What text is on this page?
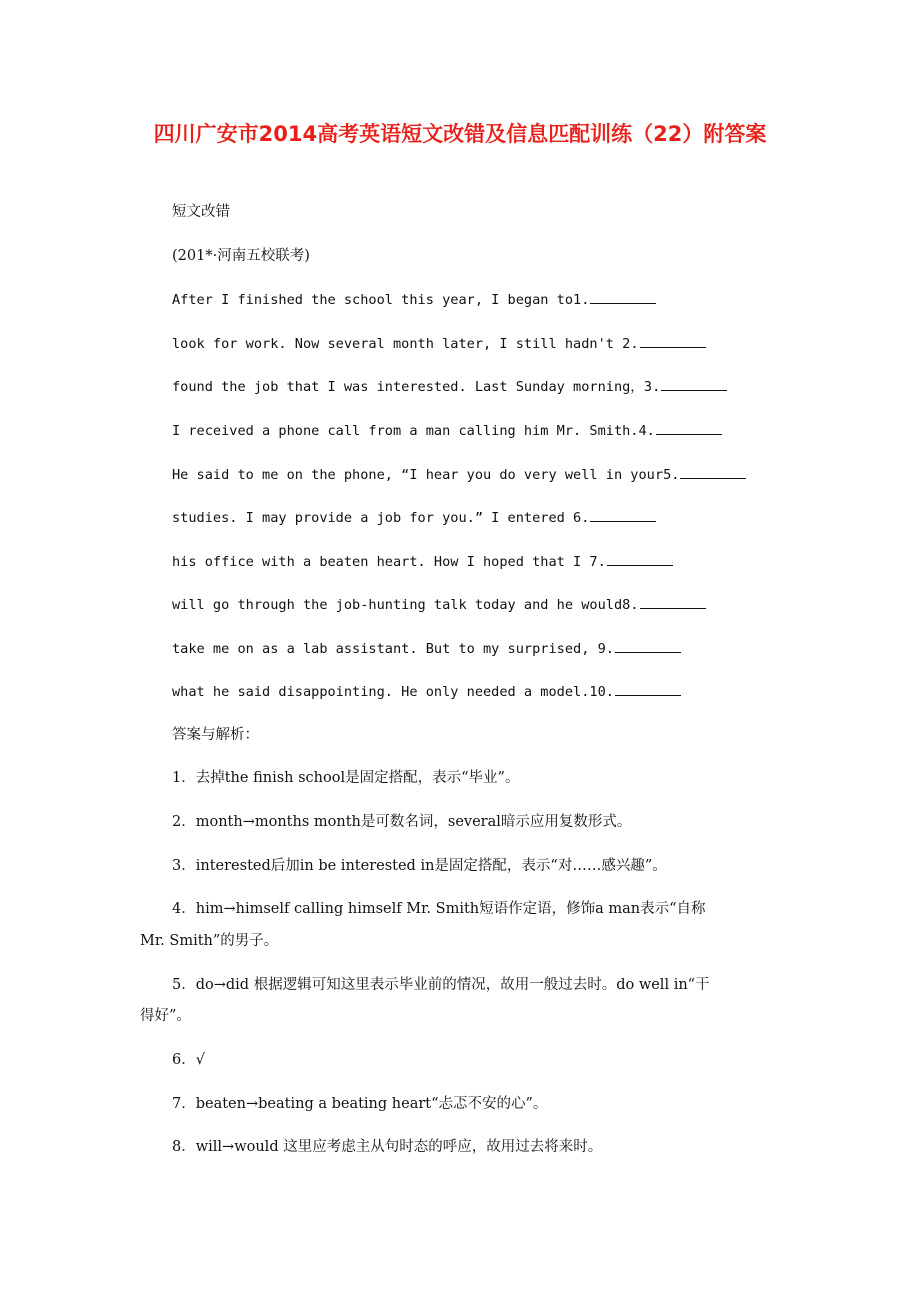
四川广安市2014高考英语短文改错及信息匹配训练（22）附答案
短文改错
(201*·河南五校联考)
After I finished the school this year, I began to1.
look for work. Now several month later, I still hadn't 2.
found the job that I was interested. Last Sunday morning，3.
I received a phone call from a man calling him Mr. Smith.4.
He said to me on the phone, “I hear you do very well in your5.
studies. I may provide a job for you.” I entered 6.
his office with a beaten heart. How I hoped that I 7.
will go through the job-hunting talk today and he would8.
take me on as a lab assistant. But to my surprised, 9.
what he said disappointing. He only needed a model.10.
答案与解析：
1．去掉the finish school是固定搭配，表示“毕业”。
2．month→months month是可数名词，several暗示应用复数形式。
3．interested后加in be interested in是固定搭配，表示“对……感兴趣”。
4．him→himself calling himself Mr. Smith短语作定语，修饰a man表示“自称
Mr. Smith”的男子。
5．do→did 根据逻辑可知这里表示毕业前的情况，故用一般过去时。do well in“干
得好”。
6．√
7．beaten→beating a beating heart“忐忑不安的心”。
8．will→would 这里应考虑主从句时态的呼应，故用过去将来时。
